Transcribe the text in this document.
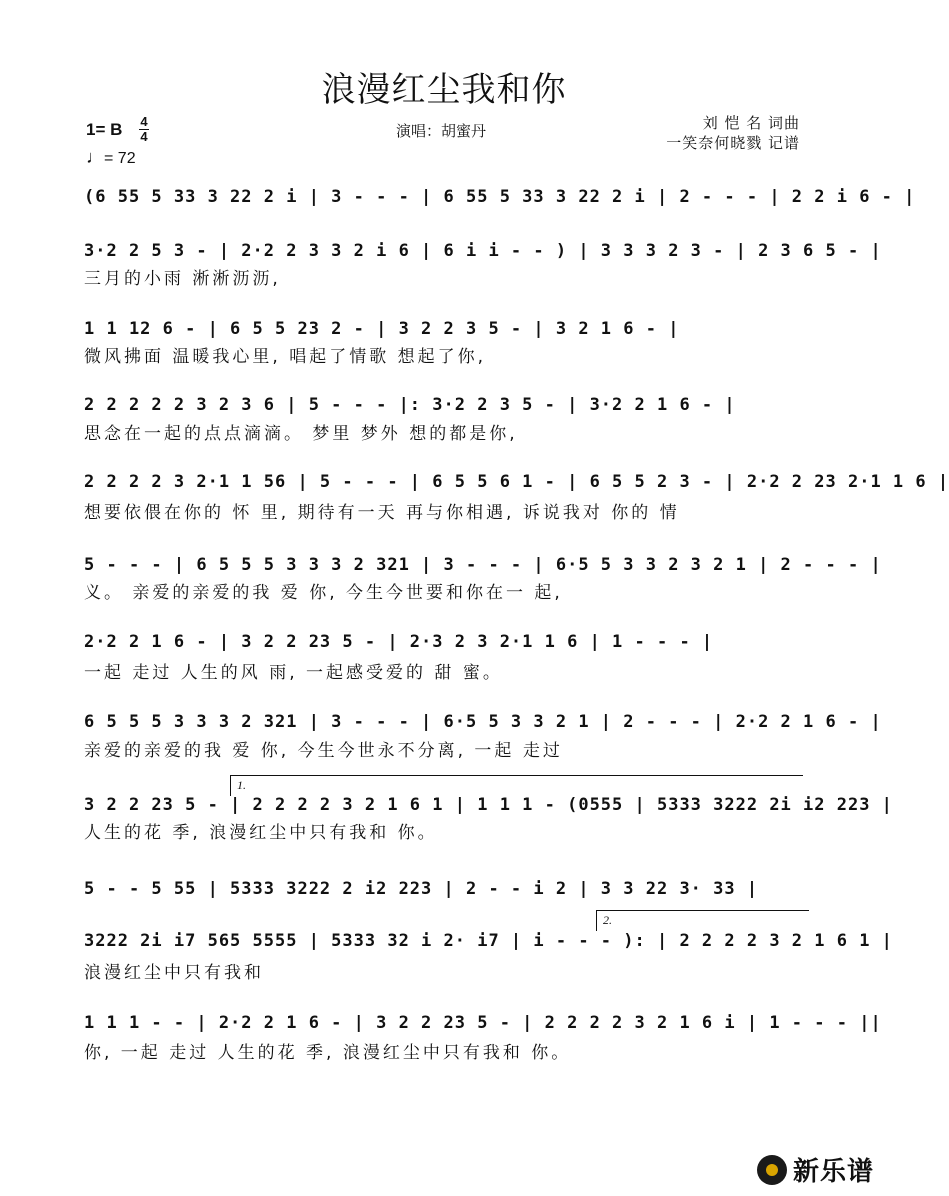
浪漫红尘我和你
1= B 4
4
♩= 72
演唱：胡蜜丹	刘 恺 名 词曲
一笑奈何晓戮 记谱
(6 55 5 33 3 22 2 i | 3 - - - | 6 55 5 33 3 22 2 i | 2 - - - | 2 2 i 6 - |
3·2 2 5 3 - | 2·2 2 3 3 2 i 6 | 6 i i - - ) | 3 3 3 2 3 - | 2 3 6 5 - |
三月的小雨 淅淅沥沥,
1 1 12 6 - | 6 5 5 23 2 - | 3 2 2 3 5 - | 3 2 1 6 - |
微风拂面 温暖我心里, 唱起了情歌 想起了你,
2 2 2 2 2 3 2 3 6 | 5 - - - |: 3·2 2 3 5 - | 3·2 2 1 6 - |
思念在一起的点点滴滴。 梦里 梦外 想的都是你,
2 2 2 2 3 2·1 1 56 | 5 - - - | 6 5 5 6 1 - | 6 5 5 2 3 - | 2·2 2 23 2·1 1 6 |
想要依偎在你的 怀 里, 期待有一天 再与你相遇, 诉说我对 你的 情
5 - - - | 6 5 5 5 3 3 3 2 321 | 3 - - - | 6·5 5 3 3 2 3 2 1 | 2 - - - |
义。 亲爱的亲爱的我 爱 你, 今生今世要和你在一 起,
2·2 2 1 6 - | 3 2 2 23 5 - | 2·3 2 3 2·1 1 6 | 1 - - - |
一起 走过 人生的风 雨, 一起感受爱的 甜 蜜。
6 5 5 5 3 3 3 2 321 | 3 - - - | 6·5 5 3 3 2 1 | 2 - - - | 2·2 2 1 6 - |
亲爱的亲爱的我 爱 你, 今生今世永不分离, 一起 走过
1.
3 2 2 23 5 - | 2 2 2 2 3 2 1 6 1 | 1 1 1 - (0555 | 5333 3222 2i i2 223 |
人生的花 季, 浪漫红尘中只有我和 你。
5 - - 5 55 | 5333 3222 2 i2 223 | 2 - - i 2 | 3 3 22 3· 33 |
2.
3222 2i i7 565 5555 | 5333 32 i 2· i7 | i - - - ): | 2 2 2 2 3 2 1 6 1 |
浪漫红尘中只有我和
1 1 1 - - | 2·2 2 1 6 - | 3 2 2 23 5 - | 2 2 2 2 3 2 1 6 i | 1 - - - ||
你, 一起 走过 人生的花 季, 浪漫红尘中只有我和 你。
新乐谱
